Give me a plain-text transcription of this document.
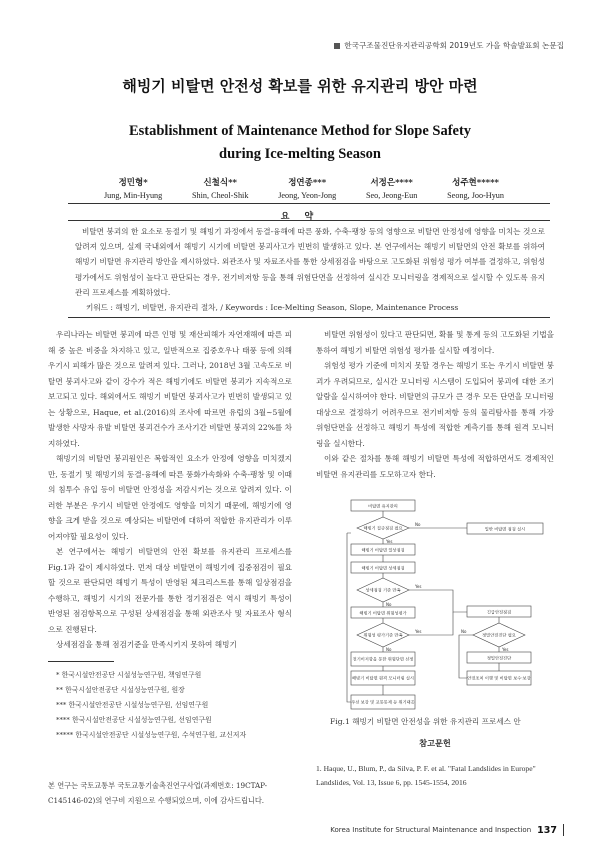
한국구조물진단유지관리공학회 2019년도 가을 학술발표회 논문집
해빙기 비탈면 안전성 확보를 위한 유지관리 방안 마련
Establishment of Maintenance Method for Slope Safety
during Ice-melting Season
정민형*
Jung, Min-Hyung
신철식**
Shin, Cheol-Shik
정연종***
Jeong, Yeon-Jong
서정은****
Seo, Jeong-Eun
성주현*****
Seong, Joo-Hyun
요 약
비탈면 붕괴의 한 요소로 동절기 및 해빙기 과정에서 동결-융해에 따른 풍화, 수축-팽창 등의 영향으로 비탈면 안정성에 영향을 미치는 것으로 알려져 있으며, 실제 국내외에서 해빙기 시기에 비탈면 붕괴사고가 빈번히 발생하고 있다. 본 연구에서는 해빙기 비탈면의 안전 확보를 위하여 해빙기 비탈면 유지관리 방안을 제시하였다. 외관조사 및 자료조사를 통한 상세점검을 바탕으로 고도화된 위험성 평가 여부를 결정하고, 위험성 평가에서도 위험성이 높다고 판단되는 경우, 전기비저항 등을 통해 위험단면을 선정하여 실시간 모니터링을 경제적으로 설시할 수 있도록 유지관리 프로세스를 계획하였다.
키워드 : 해빙기, 비탈면, 유지관리 절차, / Keywords : Ice-Melting Season, Slope, Maintenance Process

우리나라는 비탈면 붕괴에 따른 인명 및 재산피해가 자연재해에 따른 피해 중 높은 비중을 차지하고 있고, 일반적으로 집중호우나 태풍 등에 의해 우기시 피해가 많은 것으로 알려져 있다. 그러나, 2018년 3월 고속도로 비탈면 붕괴사고와 같이 강수가 적은 해빙기에도 비탈면 붕괴가 지속적으로 보고되고 있다. 해외에서도 해빙기 비탈면 붕괴사고가 빈번히 발생되고 있는 상황으로, Haque, et al.(2016)의 조사에 따르면 유럽의 3월~5월에 발생한 사망자 유발 비탈면 붕괴건수가 조사기간 비탈면 붕괴의 22%를 차지하였다.

해빙기의 비탈면 붕괴원인은 복합적인 요소가 안정에 영향을 미치겠지만, 동절기 및 해빙기의 동결-융해에 따른 풍화가속화와 수축-팽창 및 이때의 침투수 유입 등이 비탈면 안정성을 저감시키는 것으로 알려져 있다. 이러한 부분은 우기시 비탈면 안정에도 영향을 미치기 때문에, 해빙기에 영향을 크게 받을 것으로 예상되는 비탈면에 대하여 적합한 유지관리가 이루어져야할 필요성이 있다.

본 연구에서는 해빙기 비탈면의 안전 확보를 유지관리 프로세스를 Fig.1과 같이 제시하였다. 먼저 대상 비탈면이 해빙기에 집중점검이 필요할 것으로 판단되면 해빙기 특성이 반영된 체크리스트를 통해 일상점검을 수행하고, 해빙기 시기의 전문가를 통한 정기점검은 역시 해빙기 특성이 반영된 점검항목으로 구성된 상세점검을 통해 외관조사 및 자료조사 형식으로 진행된다.

상세점검을 통해 점검기준을 만족시키지 못하여 해빙기

비탈면 위험성이 있다고 판단되면, 확률 및 통계 등의 고도화된 기법을 통하여 해빙기 비탈면 위험성 평가를 실시할 예정이다.

위험성 평가 기준에 미치지 못할 경우는 해빙기 또는 우기시 비탈면 붕괴가 우려되므로, 실시간 모니터링 시스템이 도입되어 붕괴에 대한 조기 알람을 실시하여야 한다. 비탈면의 규모가 큰 경우 모든 단면을 모니터링 대상으로 결정하기 어려우므로 전기비저항 등의 물리탐사를 통해 가장 위험단면을 선정하고 해빙기 특성에 적합한 계측기를 통해 원격 모니터링을 실시한다.

이와 같은 절차를 통해 해빙기 비탈면 특성에 적합하면서도 경제적인 비탈면 유지관리를 도모하고자 한다.

* 한국시설안전공단 시설성능연구원, 책임연구원
** 한국시설안전공단 시설성능연구원, 원장
*** 한국시설안전공단 시설성능연구원, 선임연구원
**** 한국시설안전공단 시설성능연구원, 선임연구원
***** 한국시설안전공단 시설성능연구원, 수석연구원, 교신저자
본 연구는 국토교통부 국토교통기술촉진연구사업(과제번호: 19CTAP-C145146-02)의 연구비 지원으로 수행되었으며, 이에 감사드립니다.
비탈면 유지관리
해빙기 집중점검 필요	일반 비탈면 점검 실시
해빙기 비탈면 일상점검
해빙기 비탈면 상세점검
상세점검 기준 만족
해빙기 비탈면 위험성평가
위험성 평가기준 만족
전기비저항을 통한 위험단면 선정
해빙기 비탈면 원격 모니터링 실시
우선 보강 및 교통통제 등 위기대응
긴급안전점검
정밀안전진단 필요
정밀안전진단
안전조치 이행 및 비탈면 보수·보강
No
Yes
Yes
No
Yes
No	Yes
No
Fig.1 해빙기 비탈면 안전성을 위한 유지관리 프로세스 안
참고문헌
1. Haque, U., Blum, P., da Silva, P. F. et al. "Fatal Landslides in Europe" Landslides, Vol. 13, Issue 6, pp. 1545-1554, 2016
Korea Institute for Structural Maintenance and Inspection 137
